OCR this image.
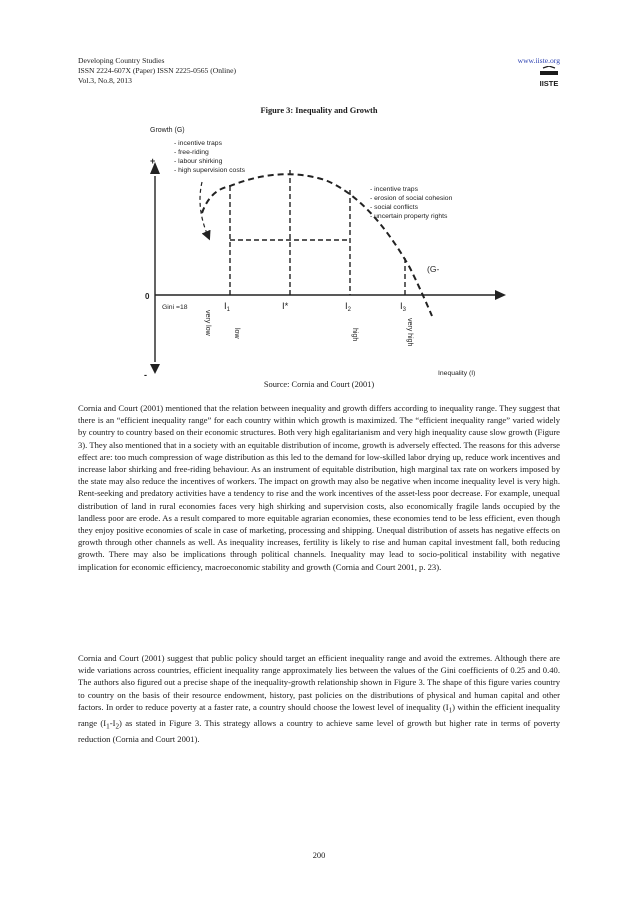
Developing Country Studies
ISSN 2224-607X (Paper) ISSN 2225-0565 (Online)
Vol.3, No.8, 2013
www.iiste.org
IISTE
Figure 3: Inequality and Growth
Growth (G)
+
0
-
- incentive traps
- free-riding
- labour shirking
- high supervision costs
- incentive traps
- erosion of social cohesion
- social conflicts
- uncertain property rights
(G-
Gini =18	$I_1$	I*	$I_2$	$I_3$
very low	low	high	very high
Inequality (I)
Source: Cornia and Court (2001)

Cornia and Court (2001) mentioned that the relation between inequality and growth differs according to inequality range. They suggest that there is an “efficient inequality range” for each country within which growth is maximized. The “efficient inequality range” varied widely by country to country based on their economic structures. Both very high egalitarianism and very high inequality cause slow growth (Figure 3). They also mentioned that in a society with an equitable distribution of income, growth is adversely effected. The reasons for this adverse effect are: too much compression of wage distribution as this led to the demand for low-skilled labor drying up, reduce work incentives and increase labor shirking and free-riding behaviour. As an instrument of equitable distribution, high marginal tax rate on workers imposed by the state may also reduce the incentives of workers. The impact on growth may also be negative when income inequality level is very high. Rent-seeking and predatory activities have a tendency to rise and the work incentives of the asset-less poor decrease. For example, unequal distribution of land in rural economies faces very high shirking and supervision costs, also economically fragile lands occupied by the landless poor are erode. As a result compared to more equitable agrarian economies, these economies tend to be less efficient, even though they enjoy positive economies of scale in case of marketing, processing and shipping. Unequal distribution of assets has negative effects on growth through other channels as well. As inequality increases, fertility is likely to rise and human capital investment fall, both reducing growth. There may also be implications through political channels. Inequality may lead to socio-political instability with negative implication for economic efficiency, macroeconomic stability and growth (Cornia and Court 2001, p. 23).

Cornia and Court (2001) suggest that public policy should target an efficient inequality range and avoid the extremes. Although there are wide variations across countries, efficient inequality range approximately lies between the values of the Gini coefficients of 0.25 and 0.40. The authors also figured out a precise shape of the inequality-growth relationship shown in Figure 3. The shape of this figure varies country to country on the basis of their resource endowment, history, past policies on the distributions of physical and human capital and other factors. In order to reduce poverty at a faster rate, a country should choose the lowest level of inequality $(I_1)$ within the efficient inequality range $(I_1-I_2)$ as stated in Figure 3. This strategy allows a country to achieve same level of growth but higher rate in terms of poverty reduction (Cornia and Court 2001).

200
